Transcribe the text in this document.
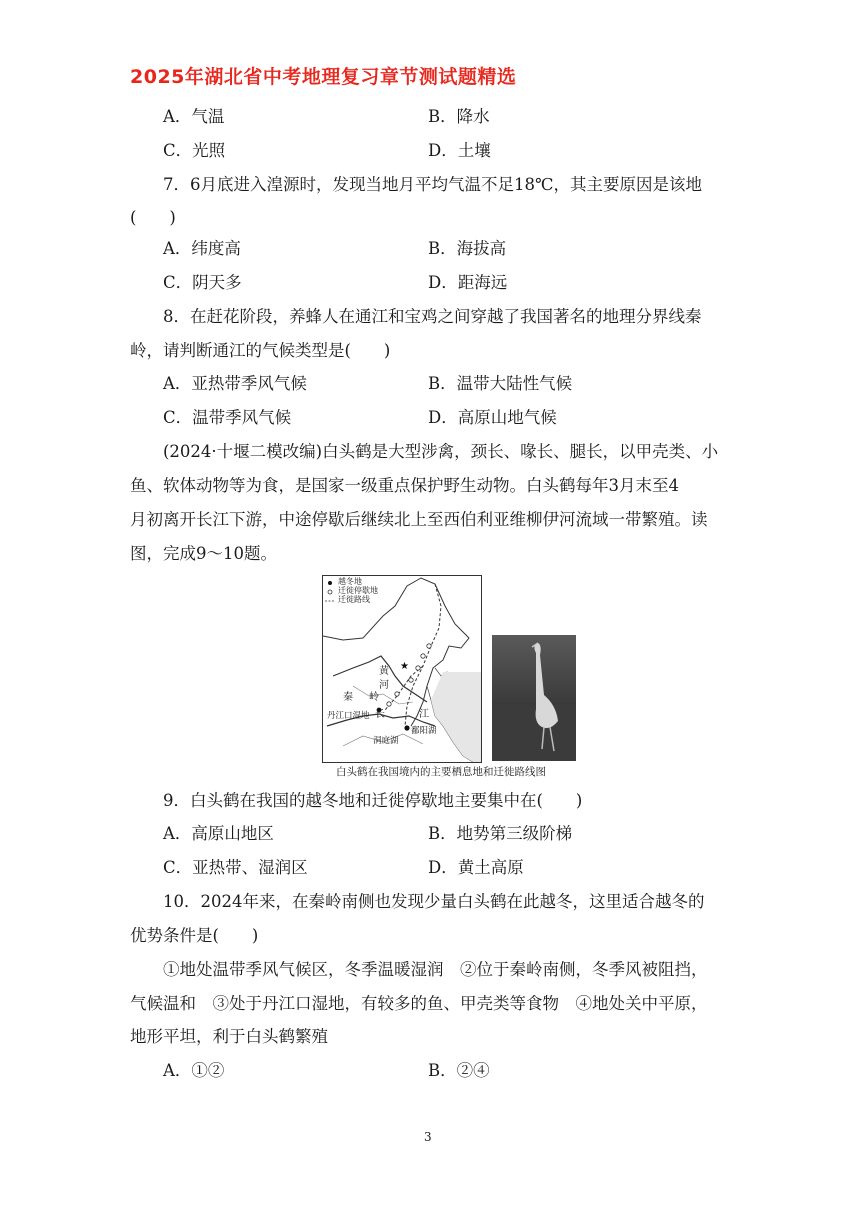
2025年湖北省中考地理复习章节测试题精选
A．气温	B．降水
C．光照	D．土壤
7．6月底进入湟源时，发现当地月平均气温不足18℃，其主要原因是该地
(　　)
A．纬度高	B．海拔高
C．阴天多	D．距海远
8．在赶花阶段，养蜂人在通江和宝鸡之间穿越了我国著名的地理分界线秦
岭，请判断通江的气候类型是(　　)
A．亚热带季风气候	B．温带大陆性气候
C．温带季风气候	D．高原山地气候
(2024·十堰二模改编)白头鹤是大型涉禽，颈长、喙长、腿长，以甲壳类、小
鱼、软体动物等为食，是国家一级重点保护野生动物。白头鹤每年3月末至4
月初离开长江下游，中途停歇后继续北上至西伯利亚维柳伊河流域一带繁殖。读
图，完成9～10题。
★
越冬地
迁徙停歇地
迁徙路线
黄
河
秦 岭
长	江
丹江口湿地
鄱阳湖
洞庭湖
白头鹤在我国境内的主要栖息地和迁徙路线图
9．白头鹤在我国的越冬地和迁徙停歇地主要集中在(　　)
A．高原山地区	B．地势第三级阶梯
C．亚热带、湿润区	D．黄土高原
10．2024年来，在秦岭南侧也发现少量白头鹤在此越冬，这里适合越冬的
优势条件是(　　)
①地处温带季风气候区，冬季温暖湿润　②位于秦岭南侧，冬季风被阻挡，
气候温和　③处于丹江口湿地，有较多的鱼、甲壳类等食物　④地处关中平原，
地形平坦，利于白头鹤繁殖
A．①②	B．②④
3
